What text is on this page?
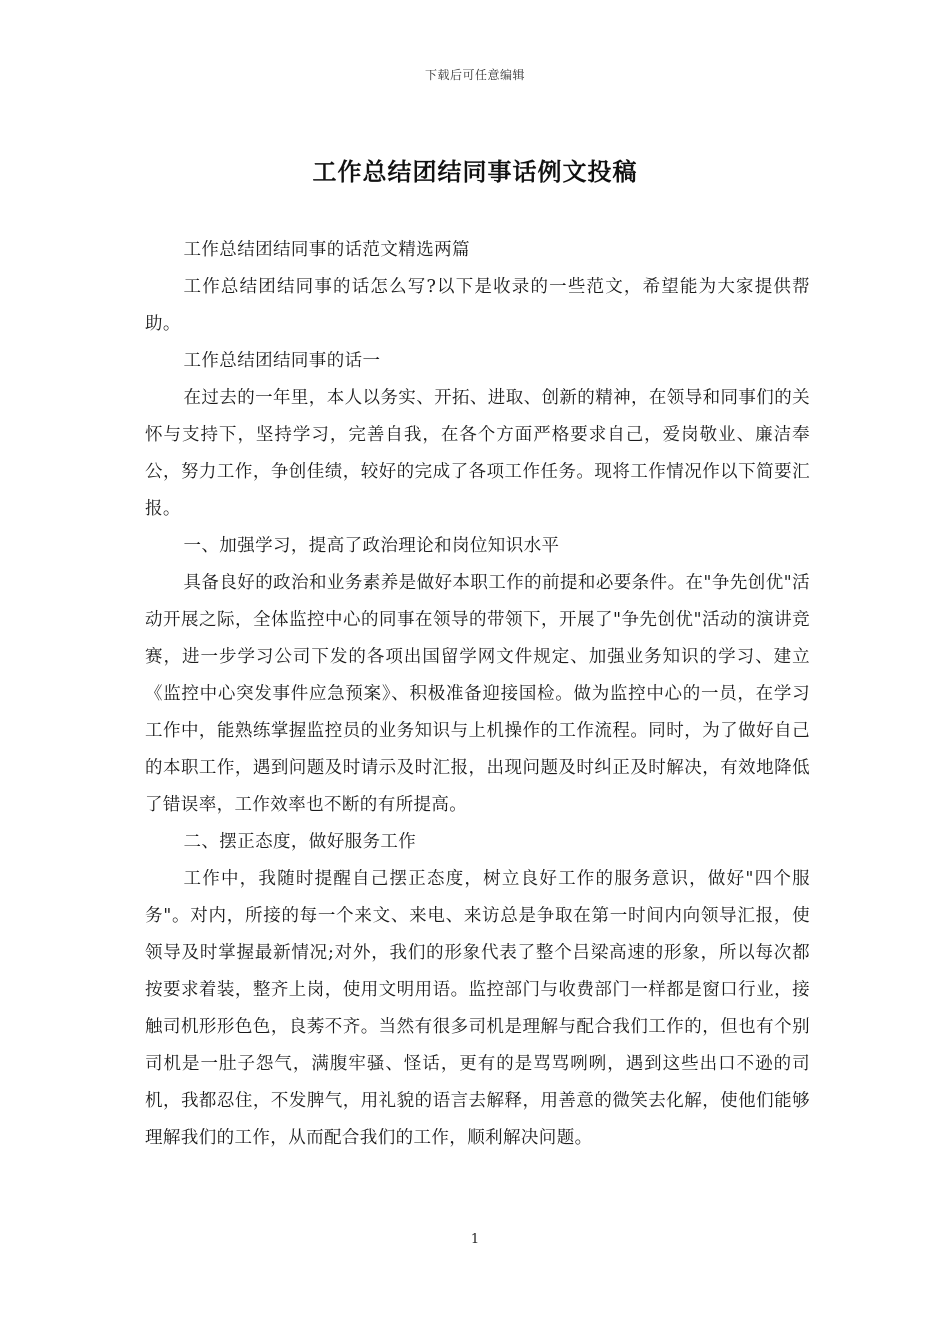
下载后可任意编辑
工作总结团结同事话例文投稿

工作总结团结同事的话范文精选两篇

工作总结团结同事的话怎么写?以下是收录的一些范文，希望能为大家提供帮助。

工作总结团结同事的话一

在过去的一年里，本人以务实、开拓、进取、创新的精神，在领导和同事们的关怀与支持下，坚持学习，完善自我，在各个方面严格要求自己，爱岗敬业、廉洁奉公，努力工作，争创佳绩，较好的完成了各项工作任务。现将工作情况作以下简要汇报。

一、加强学习，提高了政治理论和岗位知识水平

具备良好的政治和业务素养是做好本职工作的前提和必要条件。在"争先创优"活动开展之际，全体监控中心的同事在领导的带领下，开展了"争先创优"活动的演讲竞赛，进一步学习公司下发的各项出国留学网文件规定、加强业务知识的学习、建立《监控中心突发事件应急预案》、积极准备迎接国检。做为监控中心的一员，在学习工作中，能熟练掌握监控员的业务知识与上机操作的工作流程。同时，为了做好自己的本职工作，遇到问题及时请示及时汇报，出现问题及时纠正及时解决，有效地降低了错误率，工作效率也不断的有所提高。

二、摆正态度，做好服务工作

工作中，我随时提醒自己摆正态度，树立良好工作的服务意识，做好"四个服务"。对内，所接的每一个来文、来电、来访总是争取在第一时间内向领导汇报，使领导及时掌握最新情况;对外，我们的形象代表了整个吕梁高速的形象，所以每次都按要求着装，整齐上岗，使用文明用语。监控部门与收费部门一样都是窗口行业，接触司机形形色色，良莠不齐。当然有很多司机是理解与配合我们工作的，但也有个别司机是一肚子怨气，满腹牢骚、怪话，更有的是骂骂咧咧，遇到这些出口不逊的司机，我都忍住，不发脾气，用礼貌的语言去解释，用善意的微笑去化解，使他们能够理解我们的工作，从而配合我们的工作，顺利解决问题。

1
